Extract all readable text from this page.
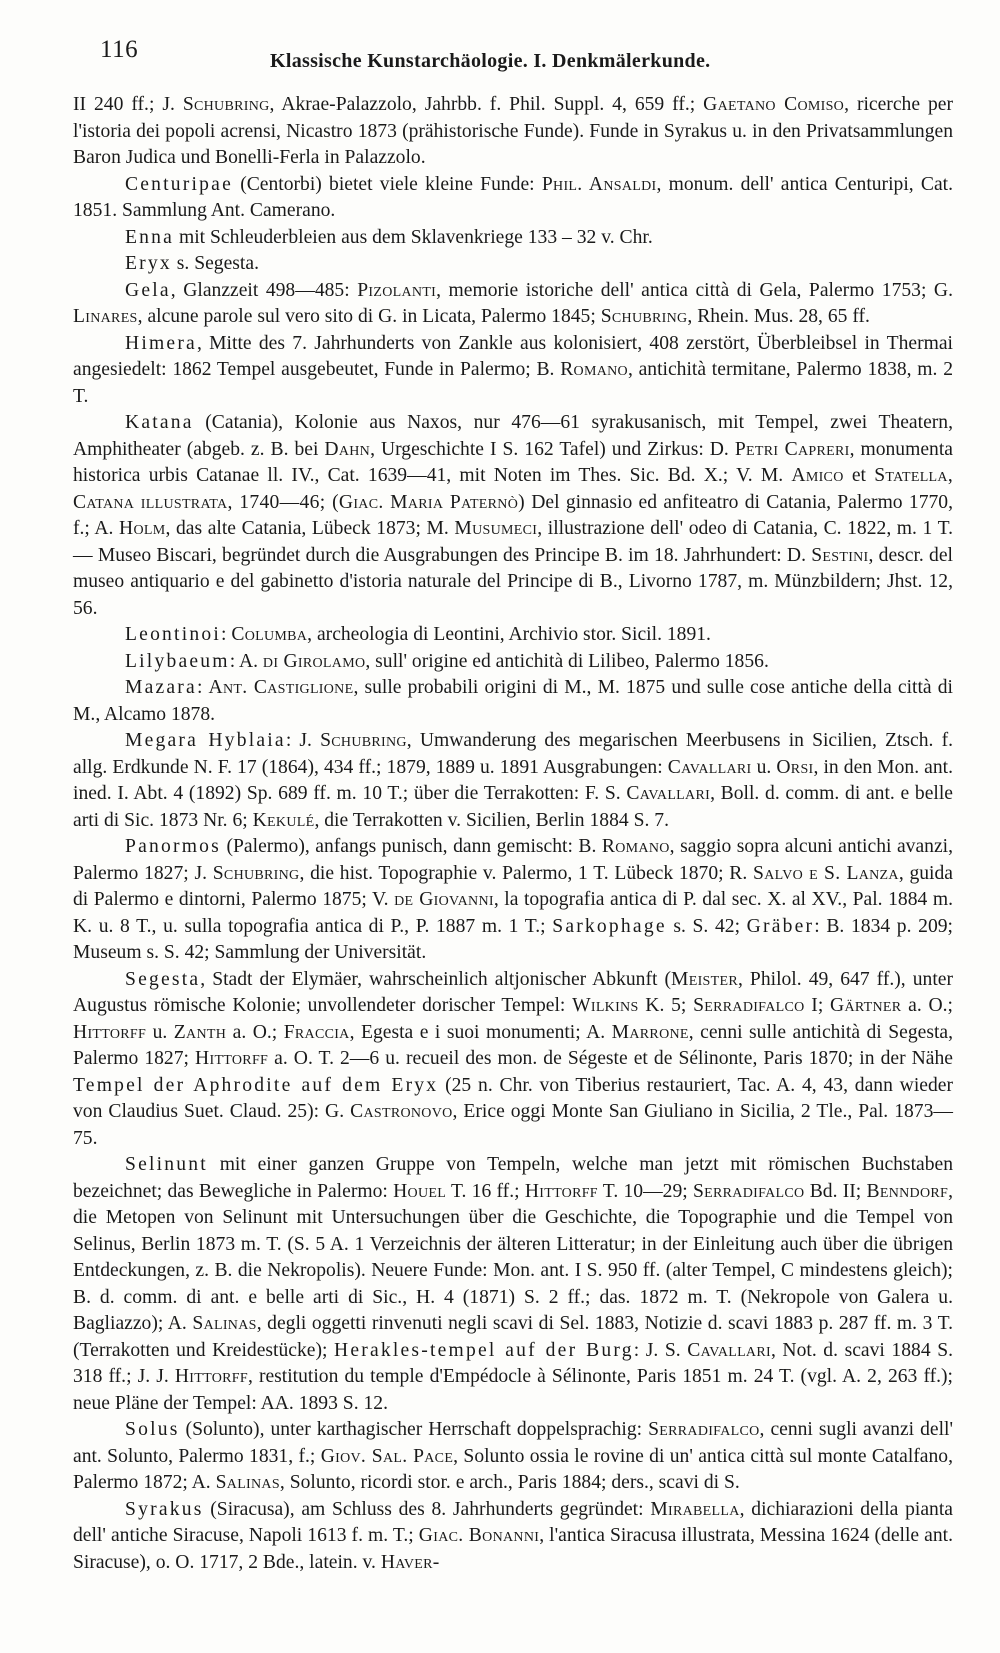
116	Klassische Kunstarchäologie. I. Denkmälerkunde.

II 240 ff.; J. Schubring, Akrae-Palazzolo, Jahrbb. f. Phil. Suppl. 4, 659 ff.; Gaetano Comiso, ricerche per l'istoria dei popoli acrensi, Nicastro 1873 (prähistorische Funde). Funde in Syrakus u. in den Privatsammlungen Baron Judica und Bonelli-Ferla in Palazzolo.

Centuripae (Centorbi) bietet viele kleine Funde: Phil. Ansaldi, monum. dell' antica Centuripi, Cat. 1851. Sammlung Ant. Camerano.

Enna mit Schleuderbleien aus dem Sklavenkriege 133 – 32 v. Chr.

Eryx s. Segesta.

Gela, Glanzzeit 498—485: Pizolanti, memorie istoriche dell' antica città di Gela, Palermo 1753; G. Linares, alcune parole sul vero sito di G. in Licata, Palermo 1845; Schubring, Rhein. Mus. 28, 65 ff.

Himera, Mitte des 7. Jahrhunderts von Zankle aus kolonisiert, 408 zerstört, Überbleibsel in Thermai angesiedelt: 1862 Tempel ausgebeutet, Funde in Palermo; B. Romano, antichità termitane, Palermo 1838, m. 2 T.

Katana (Catania), Kolonie aus Naxos, nur 476—61 syrakusanisch, mit Tempel, zwei Theatern, Amphitheater (abgeb. z. B. bei Dahn, Urgeschichte I S. 162 Tafel) und Zirkus: D. Petri Capreri, monumenta historica urbis Catanae ll. IV., Cat. 1639—41, mit Noten im Thes. Sic. Bd. X.; V. M. Amico et Statella, Catana illustrata, 1740—46; (Giac. Maria Paternò) Del ginnasio ed anfiteatro di Catania, Palermo 1770, f.; A. Holm, das alte Catania, Lübeck 1873; M. Musumeci, illustrazione dell' odeo di Catania, C. 1822, m. 1 T. — Museo Biscari, begründet durch die Ausgrabungen des Principe B. im 18. Jahrhundert: D. Sestini, descr. del museo antiquario e del gabinetto d'istoria naturale del Principe di B., Livorno 1787, m. Münzbildern; Jhst. 12, 56.

Leontinoi: Columba, archeologia di Leontini, Archivio stor. Sicil. 1891.

Lilybaeum: A. di Girolamo, sull' origine ed antichità di Lilibeo, Palermo 1856.

Mazara: Ant. Castiglione, sulle probabili origini di M., M. 1875 und sulle cose antiche della città di M., Alcamo 1878.

Megara Hyblaia: J. Schubring, Umwanderung des megarischen Meerbusens in Sicilien, Ztsch. f. allg. Erdkunde N. F. 17 (1864), 434 ff.; 1879, 1889 u. 1891 Ausgrabungen: Cavallari u. Orsi, in den Mon. ant. ined. I. Abt. 4 (1892) Sp. 689 ff. m. 10 T.; über die Terrakotten: F. S. Cavallari, Boll. d. comm. di ant. e belle arti di Sic. 1873 Nr. 6; Kekulé, die Terrakotten v. Sicilien, Berlin 1884 S. 7.

Panormos (Palermo), anfangs punisch, dann gemischt: B. Romano, saggio sopra alcuni antichi avanzi, Palermo 1827; J. Schubring, die hist. Topographie v. Palermo, 1 T. Lübeck 1870; R. Salvo e S. Lanza, guida di Palermo e dintorni, Palermo 1875; V. de Giovanni, la topografia antica di P. dal sec. X. al XV., Pal. 1884 m. K. u. 8 T., u. sulla topografia antica di P., P. 1887 m. 1 T.; Sarkophage s. S. 42; Gräber: B. 1834 p. 209; Museum s. S. 42; Sammlung der Universität.

Segesta, Stadt der Elymäer, wahrscheinlich altjonischer Abkunft (Meister, Philol. 49, 647 ff.), unter Augustus römische Kolonie; unvollendeter dorischer Tempel: Wilkins K. 5; Serradifalco I; Gärtner a. O.; Hittorff u. Zanth a. O.; Fraccia, Egesta e i suoi monumenti; A. Marrone, cenni sulle antichità di Segesta, Palermo 1827; Hittorff a. O. T. 2—6 u. recueil des mon. de Ségeste et de Sélinonte, Paris 1870; in der Nähe Tempel der Aphrodite auf dem Eryx (25 n. Chr. von Tiberius restauriert, Tac. A. 4, 43, dann wieder von Claudius Suet. Claud. 25): G. Castronovo, Erice oggi Monte San Giuliano in Sicilia, 2 Tle., Pal. 1873—75.

Selinunt mit einer ganzen Gruppe von Tempeln, welche man jetzt mit römischen Buchstaben bezeichnet; das Bewegliche in Palermo: Houel T. 16 ff.; Hittorff T. 10—29; Serradifalco Bd. II; Benndorf, die Metopen von Selinunt mit Untersuchungen über die Geschichte, die Topographie und die Tempel von Selinus, Berlin 1873 m. T. (S. 5 A. 1 Verzeichnis der älteren Litteratur; in der Einleitung auch über die übrigen Entdeckungen, z. B. die Nekropolis). Neuere Funde: Mon. ant. I S. 950 ff. (alter Tempel, C mindestens gleich); B. d. comm. di ant. e belle arti di Sic., H. 4 (1871) S. 2 ff.; das. 1872 m. T. (Nekropole von Galera u. Bagliazzo); A. Salinas, degli oggetti rinvenuti negli scavi di Sel. 1883, Notizie d. scavi 1883 p. 287 ff. m. 3 T. (Terrakotten und Kreidestücke); Herakles-tempel auf der Burg: J. S. Cavallari, Not. d. scavi 1884 S. 318 ff.; J. J. Hittorff, restitution du temple d'Empédocle à Sélinonte, Paris 1851 m. 24 T. (vgl. A. 2, 263 ff.); neue Pläne der Tempel: AA. 1893 S. 12.

Solus (Solunto), unter karthagischer Herrschaft doppelsprachig: Serradifalco, cenni sugli avanzi dell' ant. Solunto, Palermo 1831, f.; Giov. Sal. Pace, Solunto ossia le rovine di un' antica città sul monte Catalfano, Palermo 1872; A. Salinas, Solunto, ricordi stor. e arch., Paris 1884; ders., scavi di S.

Syrakus (Siracusa), am Schluss des 8. Jahrhunderts gegründet: Mirabella, dichiarazioni della pianta dell' antiche Siracuse, Napoli 1613 f. m. T.; Giac. Bonanni, l'antica Siracusa illustrata, Messina 1624 (delle ant. Siracuse), o. O. 1717, 2 Bde., latein. v. Haver-
